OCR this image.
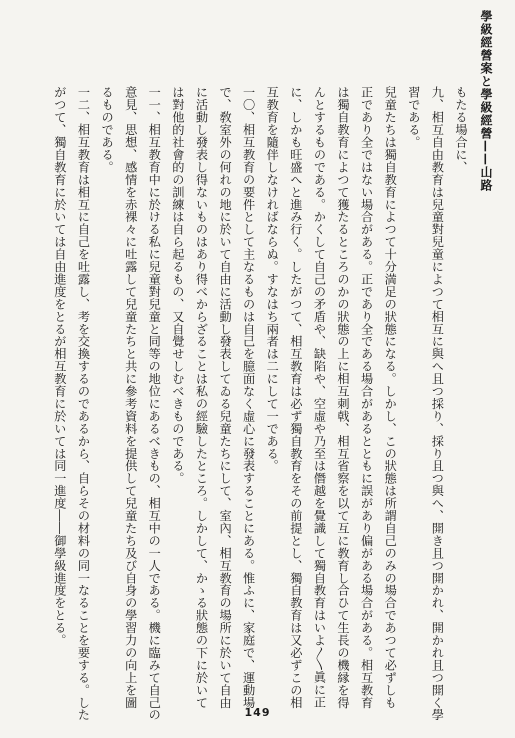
學級經營案と學級經營——山路
もたる場合に、
九、相互自由教育は兒童對兒童によつて相互に與へ且つ採り、採り且つ與へ、開き且つ開かれ、開かれ且つ開く學
習である。
兒童たちは獨自教育によつて十分満足の狀態になる。しかし、この狀態は所謂自己のみの場合であつて必ずしも
正であり全ではない場合がある。正であり全である場合があるとともに誤があり偏がある場合がある。相互教育
は獨自教育によつて獲たるところのかの狀態の上に相互刺戟、相互省察を以て互に教育し合ひて生長の機縁を得
んとするものである。かくして自己の矛盾や、缺陷や、空虛や乃至は僭越を覺識して獨自教育はいよ〳〵眞に正
に、しかも旺盛へと進み行く。したがつて、相互教育は必ず獨自教育をその前提とし、獨自教育は又必ずこの相
互教育を隨伴しなければならぬ。すなはち兩者は二にして一である。
一〇、相互教育の要件として主なるものは自己を臆面なく虛心に發表することにある。惟ふに、家庭で、運動場
で、敎室外の何れの地に於いて自由に活動し發表してゐる兒童たちにして、室內、相互教育の場所に於いて自由
に活動し發表し得ないものはあり得べからざることは私の經驗したところ。しかして、かゝる狀態の下に於いて
は對他的社會的の訓練は自ら起るもの、又自覺せしむべきものである。
一一、相互教育中に於ける私に兒童對兒童と同等の地位にあるべきもの、相互中の一人である。機に臨みて自己の
意見、思想、感情を赤裸々に吐露して兒童たちと共に參考資料を提供して兒童たち及び自身の學習力の向上を圖
るものである。
一二、相互教育は相互に自己を吐露し、考を交換するのであるから、自らその材料の同一なることを要する。した
がつて、獨自教育に於いては自由進度をとるが相互教育に於いては同一進度――御學級進度をとる。
149
